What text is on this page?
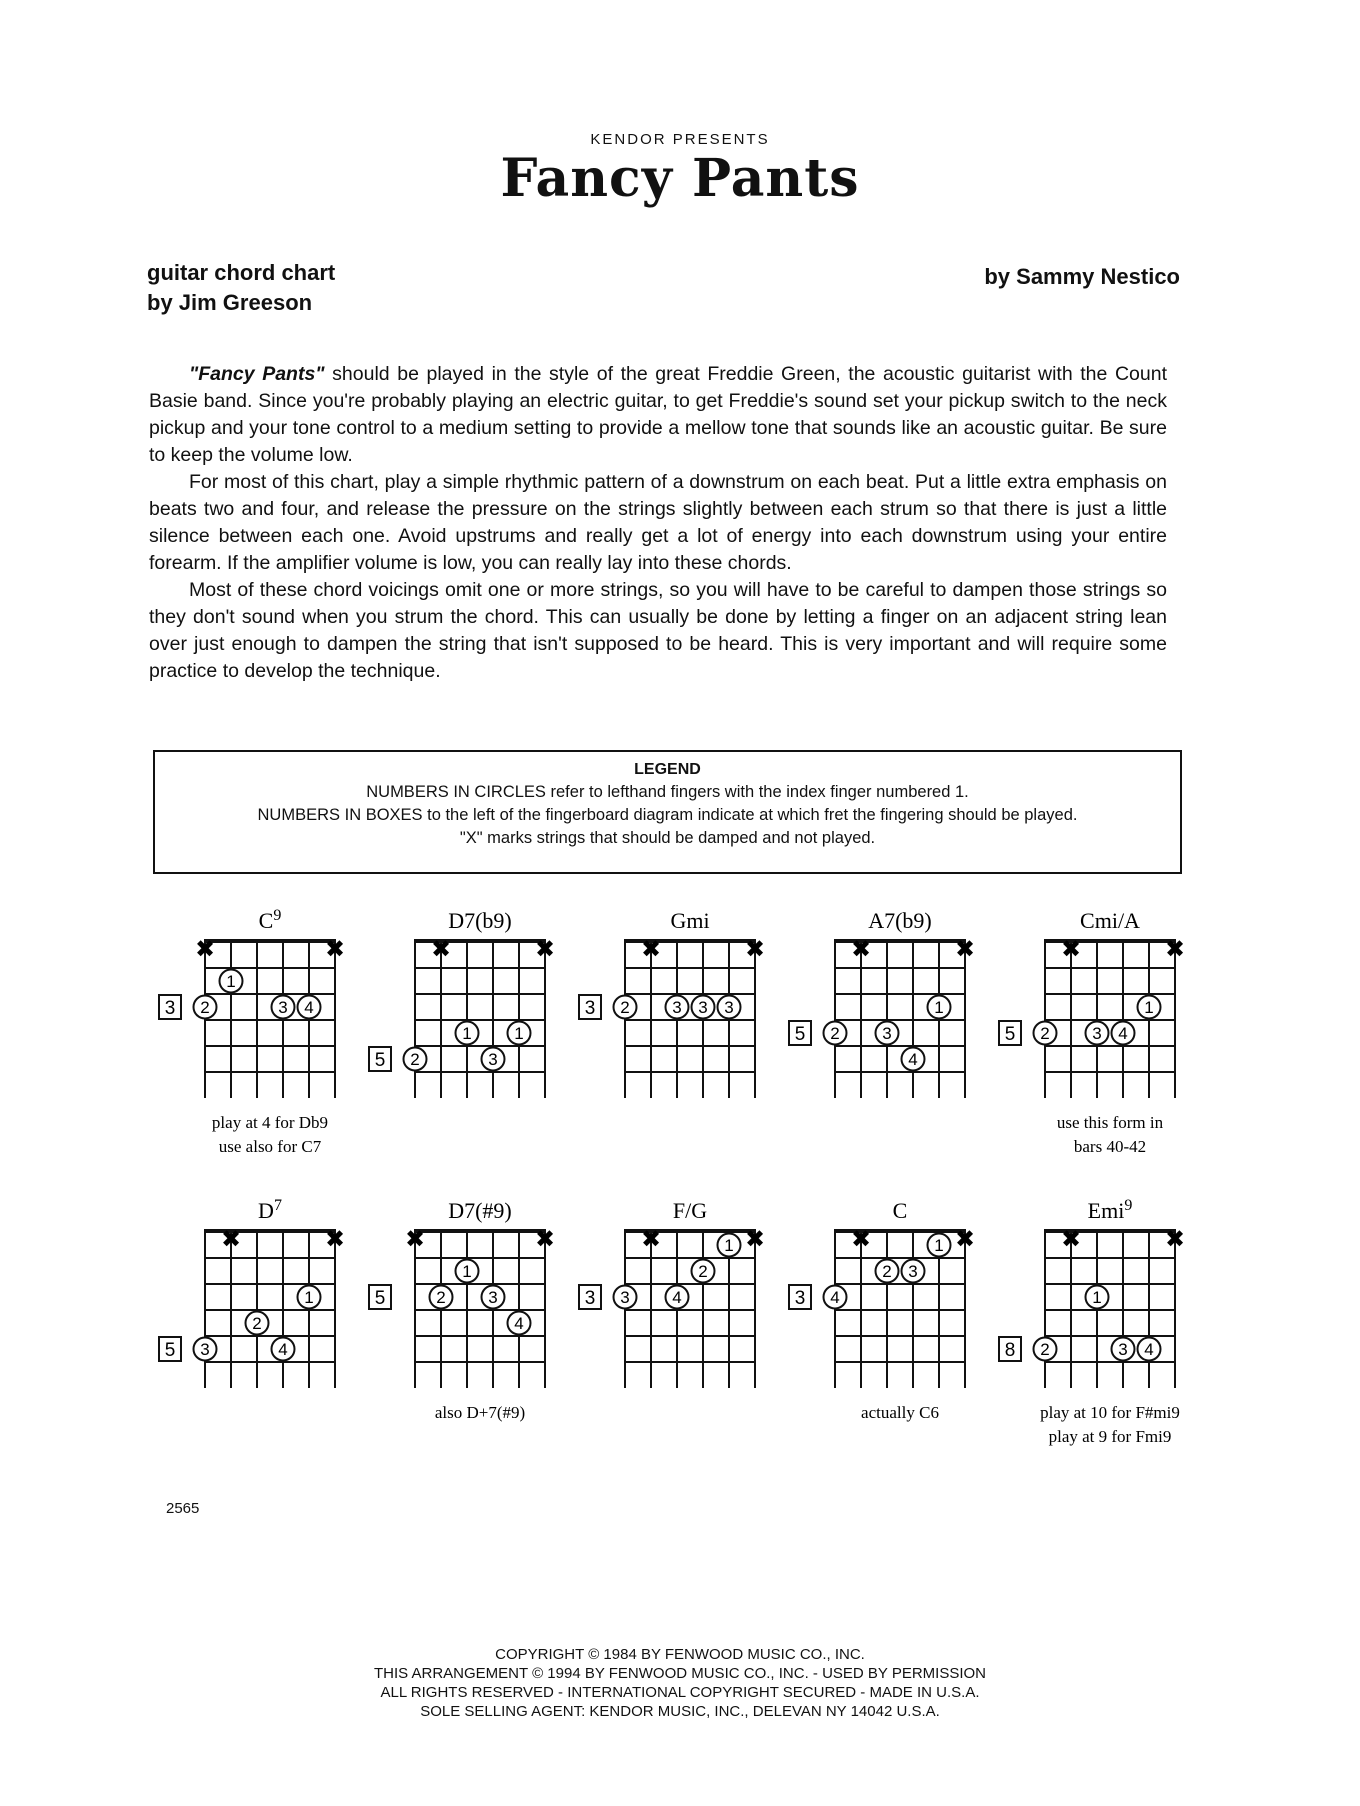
KENDOR PRESENTS
Fancy Pants
guitar chord chart
by Jim Greeson
by Sammy Nestico

"Fancy Pants" should be played in the style of the great Freddie Green, the acoustic guitarist with the Count Basie band. Since you're probably playing an electric guitar, to get Freddie's sound set your pickup switch to the neck pickup and your tone control to a medium setting to provide a mellow tone that sounds like an acoustic guitar. Be sure to keep the volume low.

For most of this chart, play a simple rhythmic pattern of a downstrum on each beat. Put a little extra emphasis on beats two and four, and release the pressure on the strings slightly between each strum so that there is just a little silence between each one. Avoid upstrums and really get a lot of energy into each downstrum using your entire forearm. If the amplifier volume is low, you can really lay into these chords.

Most of these chord voicings omit one or more strings, so you will have to be careful to dampen those strings so they don't sound when you strum the chord. This can usually be done by letting a finger on an adjacent string lean over just enough to dampen the string that isn't supposed to be heard. This is very important and will require some practice to develop the technique.

LEGEND
NUMBERS IN CIRCLES refer to lefthand fingers with the index finger numbered 1.
NUMBERS IN BOXES to the left of the fingerboard diagram indicate at which fret the fingering should be played.
"X" marks strings that should be damped and not played.
$C^9$
✖	✖
3
1
2	3 4
play at 4 for Db9
use also for C7
D7(b9)
✖	✖
5
1	1
2	3
Gmi
✖	✖
3 2	3 3 3
A7(b9)
✖	✖
5
1
2	3
4
Cmi/A
✖	✖
5
1
2	3 4
use this form in
bars 40-42
$D^7$
✖	✖
5
1
2
3	4
D7(#9)
✖	✖
5
1
2	3
4
also D+7(#9)
F/G
✖	✖
3
1
2
3	4
C
✖	✖
3
1
2 3
4
actually C6
Emi$^9$
✖	✖
8
1
2	3 4
play at 10 for F#mi9
play at 9 for Fmi9
2565
COPYRIGHT © 1984 BY FENWOOD MUSIC CO., INC.
THIS ARRANGEMENT © 1994 BY FENWOOD MUSIC CO., INC. - USED BY PERMISSION
ALL RIGHTS RESERVED - INTERNATIONAL COPYRIGHT SECURED - MADE IN U.S.A.
SOLE SELLING AGENT: KENDOR MUSIC, INC., DELEVAN NY 14042 U.S.A.
